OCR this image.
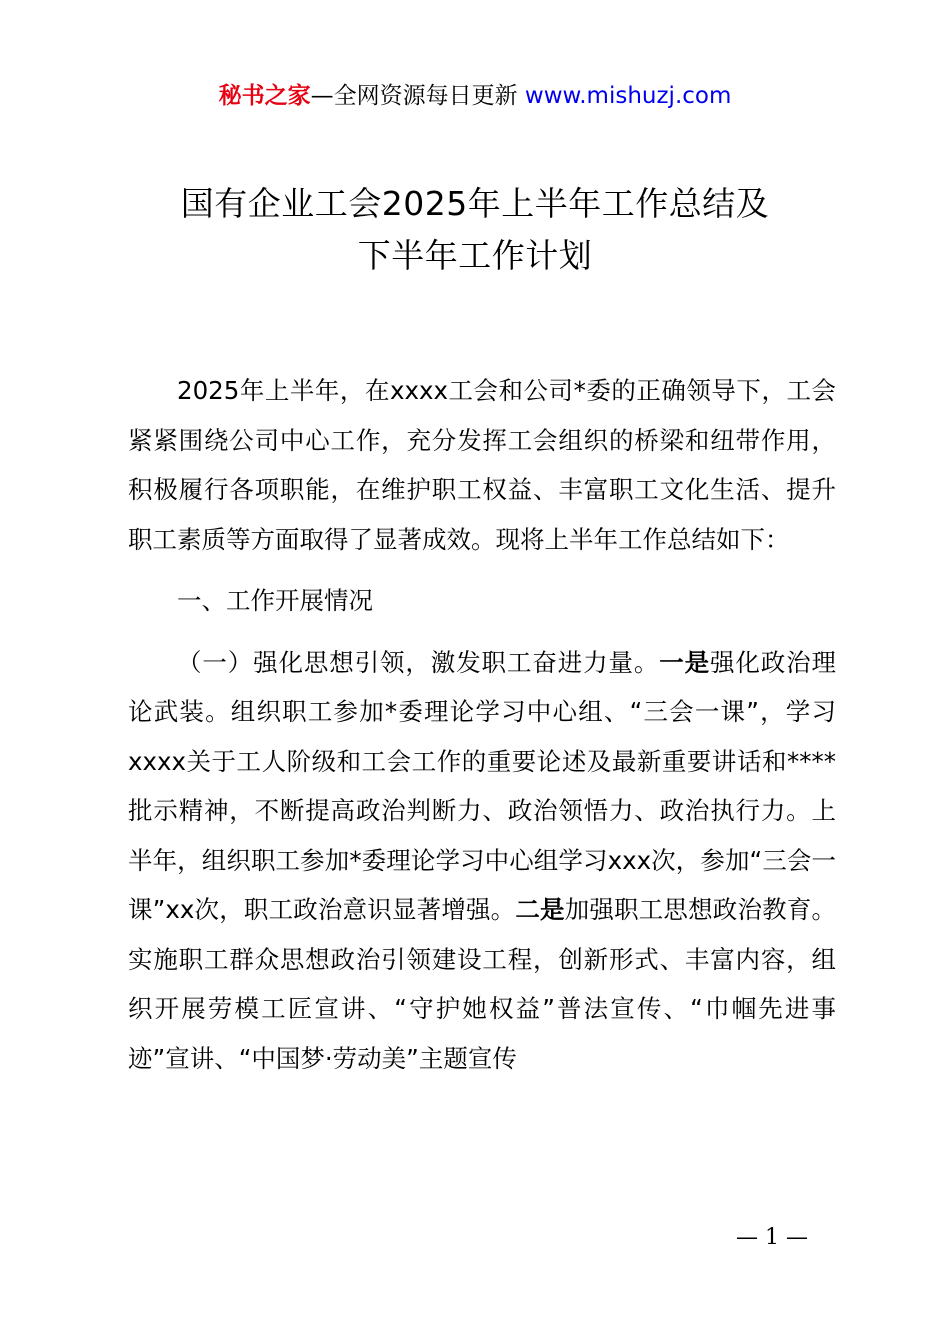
秘书之家—全网资源每日更新 www.mishuzj.com
国有企业工会2025年上半年工作总结及
下半年工作计划

2025年上半年，在xxxx工会和公司*委的正确领导下，工会紧紧围绕公司中心工作，充分发挥工会组织的桥梁和纽带作用，积极履行各项职能，在维护职工权益、丰富职工文化生活、提升职工素质等方面取得了显著成效。现将上半年工作总结如下：

一、工作开展情况

（一）强化思想引领，激发职工奋进力量。一是强化政治理论武装。组织职工参加*委理论学习中心组、“三会一课”，学习xxxx关于工人阶级和工会工作的重要论述及最新重要讲话和****批示精神，不断提高政治判断力、政治领悟力、政治执行力。上半年，组织职工参加*委理论学习中心组学习xxx次，参加“三会一课”xx次，职工政治意识显著增强。二是加强职工思想政治教育。实施职工群众思想政治引领建设工程，创新形式、丰富内容，组织开展劳模工匠宣讲、“守护她权益”普法宣传、“巾帼先进事迹”宣讲、“中国梦·劳动美”主题宣传

— 1 —
